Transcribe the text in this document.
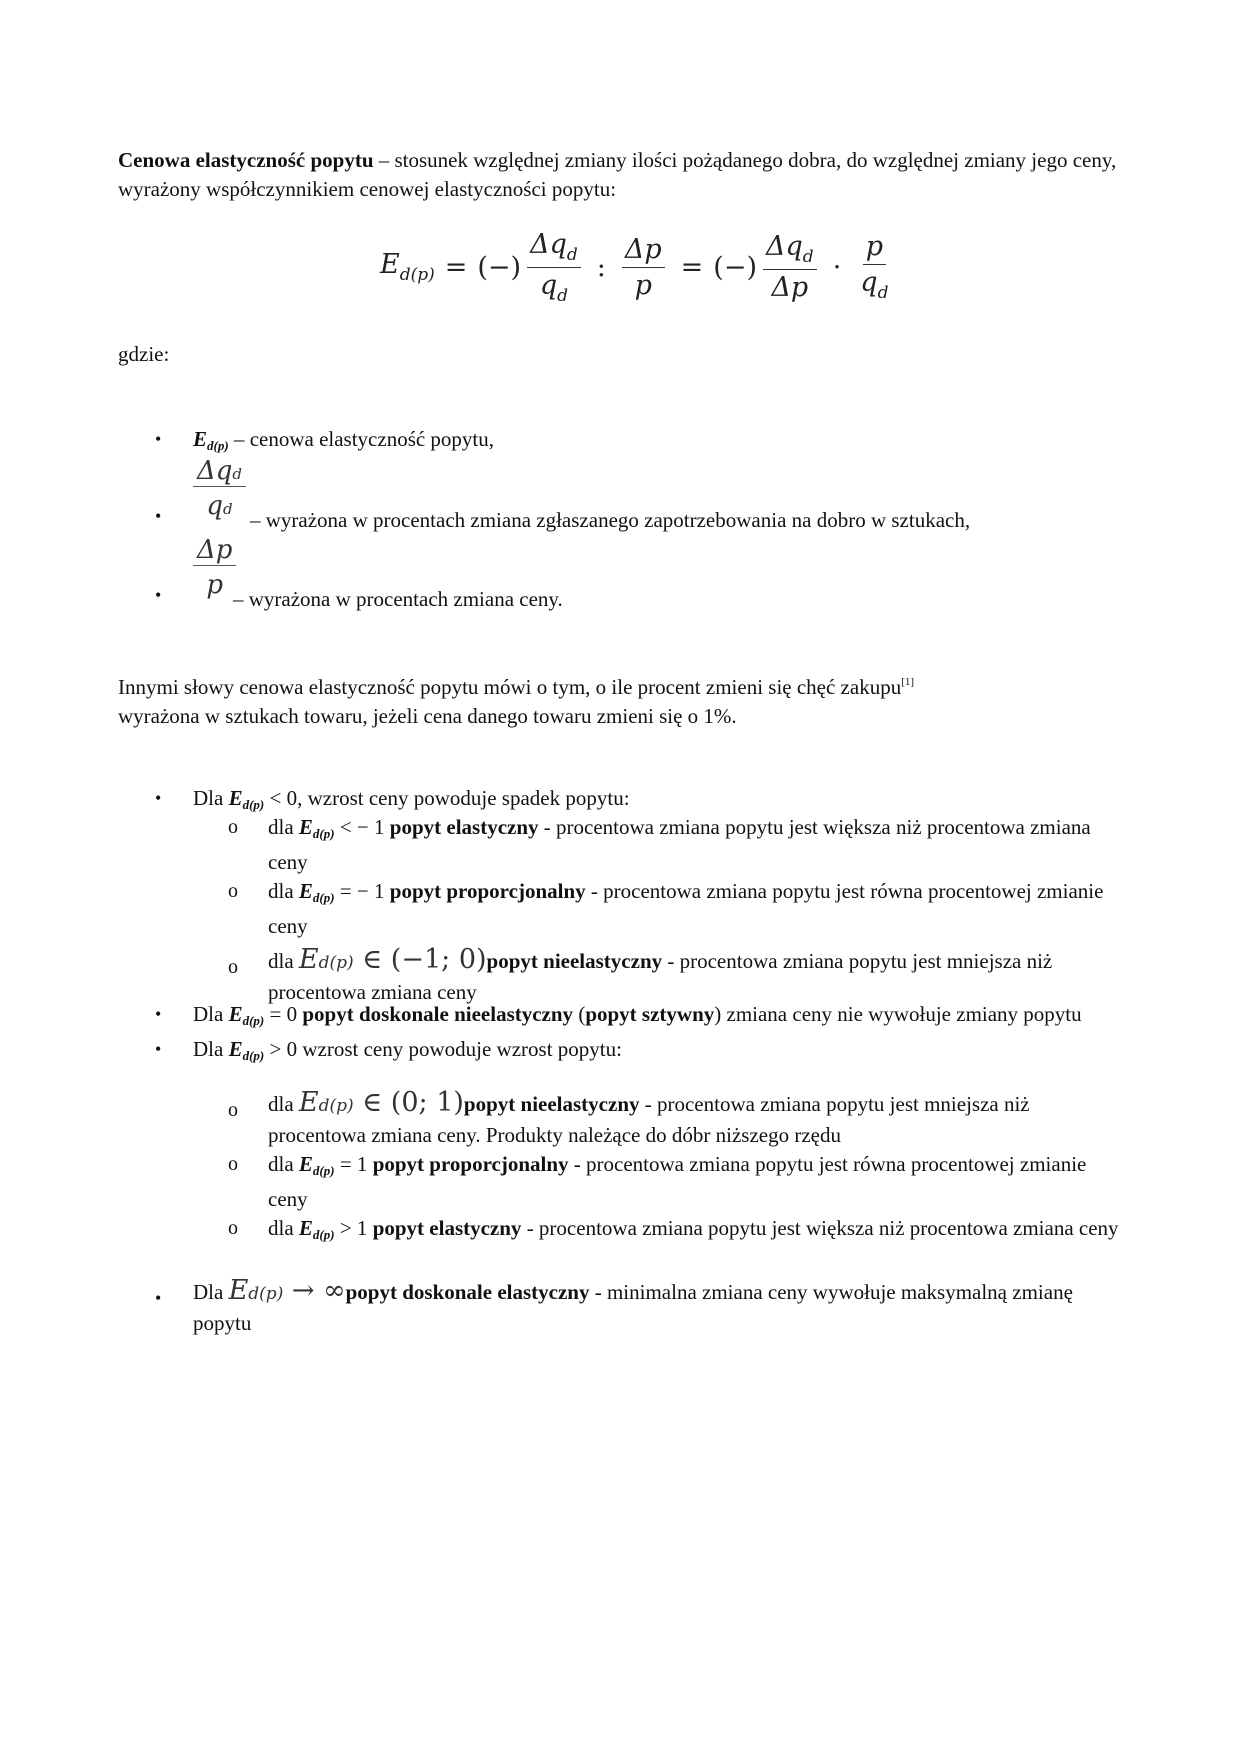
Cenowa elastyczność popytu – stosunek względnej zmiany ilości pożądanego dobra, do względnej zmiany jego ceny, wyrażony współczynnikiem cenowej elastyczności popytu:

$E_{d(p)}$ = (−) $\frac{\Delta q_d}{q_d}$ : $\frac{\Delta p}{p}$ = (−) $\frac{\Delta q_d}{\Delta p} \cdot \frac{p}{q_d}$

gdzie:

• $E_{d(p)}$ – cenowa elastyczność popytu,
•
Δqd
qd – wyrażona w procentach zmiana zgłaszanego zapotrzebowania na dobro w sztukach,
• $\frac{\Delta p}{p}$
– wyrażona w procentach zmiana ceny.

Innymi słowy cenowa elastyczność popytu mówi o tym, o ile procent zmieni się chęć zakupu[1]
wyrażona w sztukach towaru, jeżeli cena danego towaru zmieni się o 1%.

• Dla $E_{d(p)} < 0$, wzrost ceny powoduje spadek popytu:
o dla $E_{d(p)}$ < − 1 popyt elastyczny - procentowa zmiana popytu jest większa niż procentowa zmiana ceny
o dla $E_{d(p)}$ = − 1 popyt proporcjonalny - procentowa zmiana popytu jest równa procentowej zmianie ceny
o dla Ed(p) ∈ (−1; 0)popyt nieelastyczny - procentowa zmiana popytu jest mniejsza niż procentowa zmiana ceny
• Dla $E_{d(p)} = 0$ popyt doskonale nieelastyczny (popyt sztywny) zmiana ceny nie wywołuje zmiany popytu
• Dla $E_{d(p)} > 0$ wzrost ceny powoduje wzrost popytu:
o dla Ed(p) ∈ (0; 1)popyt nieelastyczny - procentowa zmiana popytu jest mniejsza niż procentowa zmiana ceny. Produkty należące do dóbr niższego rzędu
o dla $E_{d(p)} = 1$ popyt proporcjonalny - procentowa zmiana popytu jest równa procentowej zmianie ceny
o dla $E_{d(p)} > 1$ popyt elastyczny - procentowa zmiana popytu jest większa niż procentowa zmiana ceny
• Dla Ed(p) → ∞popyt doskonale elastyczny - minimalna zmiana ceny wywołuje maksymalną zmianę popytu
